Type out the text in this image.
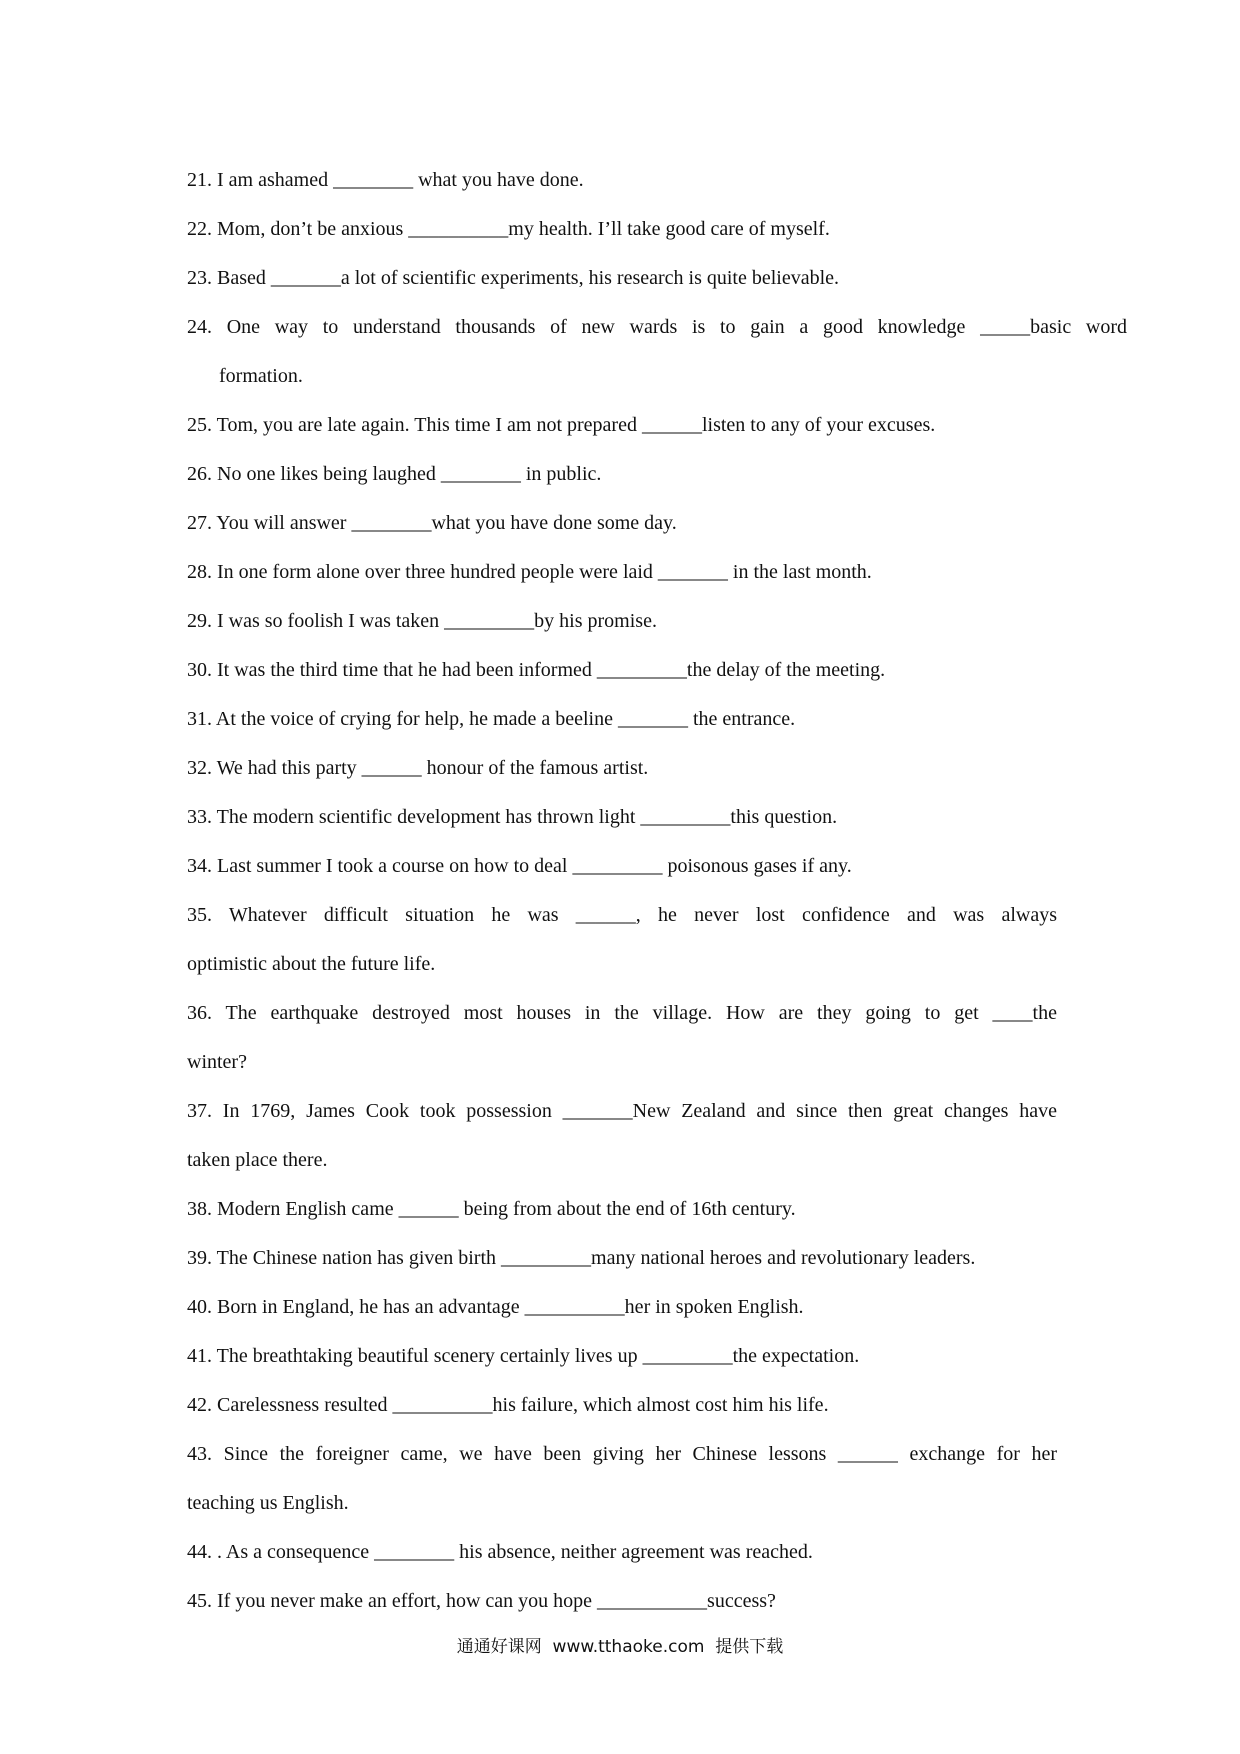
21. I am ashamed ________ what you have done.
22. Mom, don’t be anxious __________my health. I’ll take good care of myself.
23. Based _______a lot of scientific experiments, his research is quite believable.
24. One way to understand thousands of new wards is to gain a good knowledge _____basic word
formation.
25. Tom, you are late again. This time I am not prepared ______listen to any of your excuses.
26. No one likes being laughed ________ in public.
27. You will answer ________what you have done some day.
28. In one form alone over three hundred people were laid _______ in the last month.
29. I was so foolish I was taken _________by his promise.
30. It was the third time that he had been informed _________the delay of the meeting.
31. At the voice of crying for help, he made a beeline _______ the entrance.
32. We had this party ______ honour of the famous artist.
33. The modern scientific development has thrown light _________this question.
34. Last summer I took a course on how to deal _________ poisonous gases if any.
35. Whatever difficult situation he was ______, he never lost confidence and was always
optimistic about the future life.
36. The earthquake destroyed most houses in the village. How are they going to get ____the
winter?
37. In 1769, James Cook took possession _______New Zealand and since then great changes have
taken place there.
38. Modern English came ______ being from about the end of 16th century.
39. The Chinese nation has given birth _________many national heroes and revolutionary leaders.
40. Born in England, he has an advantage __________her in spoken English.
41. The breathtaking beautiful scenery certainly lives up _________the expectation.
42. Carelessness resulted __________his failure, which almost cost him his life.
43. Since the foreigner came, we have been giving her Chinese lessons ______ exchange for her
teaching us English.
44. . As a consequence ________ his absence, neither agreement was reached.
45. If you never make an effort, how can you hope ___________success?
通通好课网  www.tthaoke.com  提供下载
